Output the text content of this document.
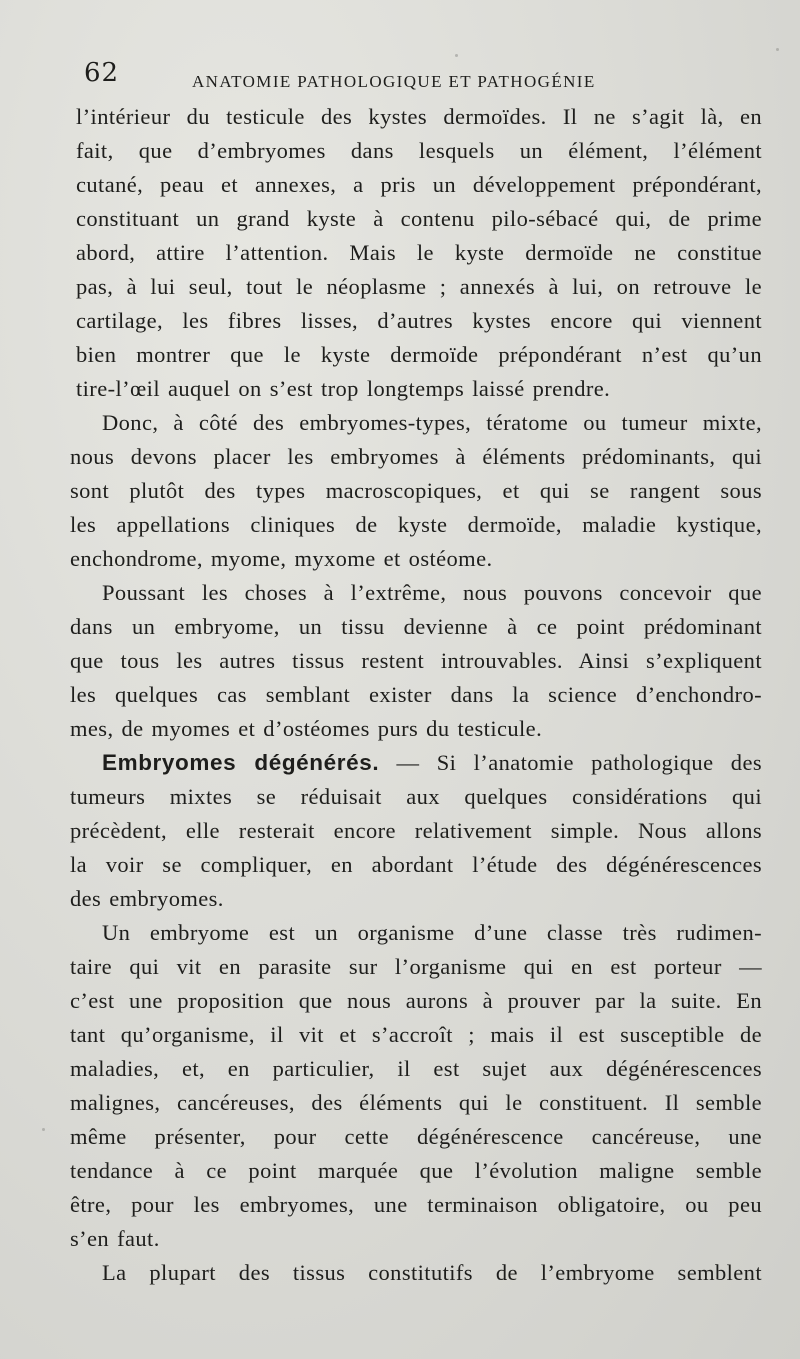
62	ANATOMIE PATHOLOGIQUE ET PATHOGÉNIE
l’intérieur du testicule des kystes dermoïdes. Il ne s’agit là, en
fait, que d’embryomes dans lesquels un élément, l’élément
cutané, peau et annexes, a pris un développement prépondérant,
constituant un grand kyste à contenu pilo-sébacé qui, de prime
abord, attire l’attention. Mais le kyste dermoïde ne constitue
pas, à lui seul, tout le néoplasme ; annexés à lui, on retrouve le
cartilage, les fibres lisses, d’autres kystes encore qui viennent
bien montrer que le kyste dermoïde prépondérant n’est qu’un
tire-l’œil auquel on s’est trop longtemps laissé prendre.
Donc, à côté des embryomes-types, tératome ou tumeur mixte,
nous devons placer les embryomes à éléments prédominants, qui
sont plutôt des types macroscopiques, et qui se rangent sous
les appellations cliniques de kyste dermoïde, maladie kystique,
enchondrome, myome, myxome et ostéome.
Poussant les choses à l’extrême, nous pouvons concevoir que
dans un embryome, un tissu devienne à ce point prédominant
que tous les autres tissus restent introuvables. Ainsi s’expliquent
les quelques cas semblant exister dans la science d’enchondro-
mes, de myomes et d’ostéomes purs du testicule.
Embryomes dégénérés. — Si l’anatomie pathologique des
tumeurs mixtes se réduisait aux quelques considérations qui
précèdent, elle resterait encore relativement simple. Nous allons
la voir se compliquer, en abordant l’étude des dégénérescences
des embryomes.
Un embryome est un organisme d’une classe très rudimen-
taire qui vit en parasite sur l’organisme qui en est porteur —
c’est une proposition que nous aurons à prouver par la suite. En
tant qu’organisme, il vit et s’accroît ; mais il est susceptible de
maladies, et, en particulier, il est sujet aux dégénérescences
malignes, cancéreuses, des éléments qui le constituent. Il semble
même présenter, pour cette dégénérescence cancéreuse, une
tendance à ce point marquée que l’évolution maligne semble
être, pour les embryomes, une terminaison obligatoire, ou peu
s’en faut.
La plupart des tissus constitutifs de l’embryome semblent
